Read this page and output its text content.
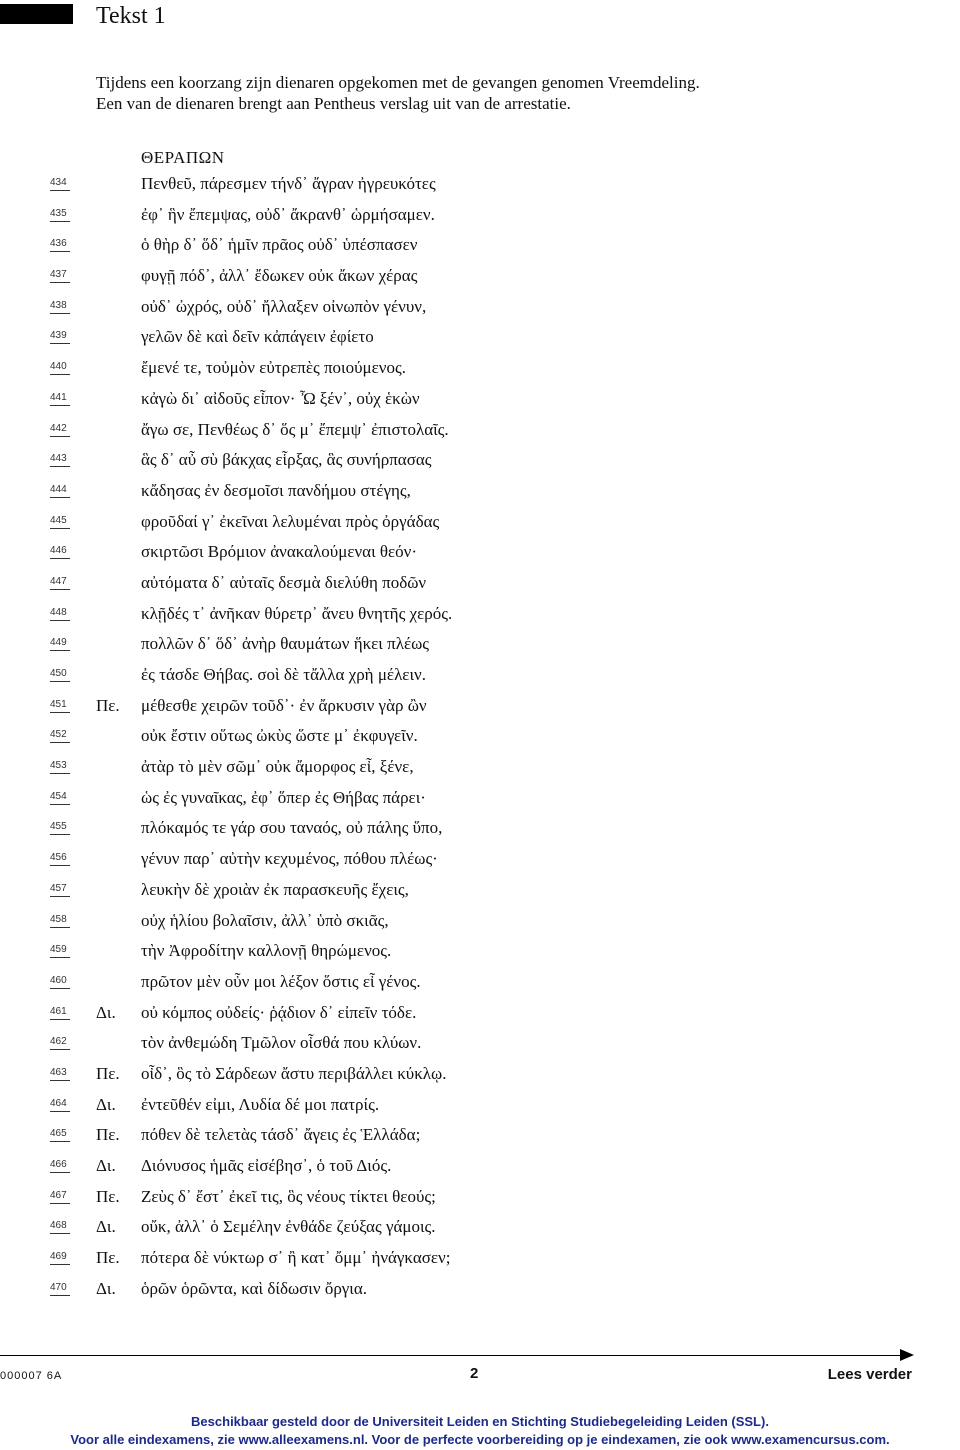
Tekst 1
Tijdens een koorzang zijn dienaren opgekomen met de gevangen genomen Vreemdeling.
Een van de dienaren brengt aan Pentheus verslag uit van de arrestatie.
ΘΕΡΑΠΩΝ
434	Πενθεῦ, πάρεσμεν τήνδ᾽ ἄγραν ἠγρευκότες
435	ἐφ᾽ ἣν ἔπεμψας, οὐδ᾽ ἄκρανθ᾽ ὡρμήσαμεν.
436	ὁ θὴρ δ᾽ ὅδ᾽ ἡμῖν πρᾶος οὐδ᾽ ὑπέσπασεν
437	φυγῇ πόδ᾽, ἀλλ᾽ ἔδωκεν οὐκ ἄκων χέρας
438	οὐδ᾽ ὠχρός, οὐδ᾽ ἤλλαξεν οἰνωπὸν γένυν,
439	γελῶν δὲ καὶ δεῖν κἀπάγειν ἐφίετο
440	ἔμενέ τε, τοὐμὸν εὐτρεπὲς ποιούμενος.
441	κἀγὼ δι᾽ αἰδοῦς εἶπον· Ὦ ξέν᾽, οὐχ ἑκὼν
442	ἄγω σε, Πενθέως δ᾽ ὅς μ᾽ ἔπεμψ᾽ ἐπιστολαῖς.
443	ἃς δ᾽ αὖ σὺ βάκχας εἷρξας, ἃς συνήρπασας
444	κἄδησας ἐν δεσμοῖσι πανδήμου στέγης,
445	φροῦδαί γ᾽ ἐκεῖναι λελυμέναι πρὸς ὀργάδας
446	σκιρτῶσι Βρόμιον ἀνακαλούμεναι θεόν·
447	αὐτόματα δ᾽ αὐταῖς δεσμὰ διελύθη ποδῶν
448	κλῇδές τ᾽ ἀνῆκαν θύρετρ᾽ ἄνευ θνητῆς χερός.
449	πολλῶν δ᾽ ὅδ᾽ ἀνὴρ θαυμάτων ἥκει πλέως
450	ἐς τάσδε Θήβας. σοὶ δὲ τἄλλα χρὴ μέλειν.
451 Πε. μέθεσθε χειρῶν τοῦδ᾽· ἐν ἄρκυσιν γὰρ ὢν
452	οὐκ ἔστιν οὕτως ὠκὺς ὥστε μ᾽ ἐκφυγεῖν.
453	ἀτὰρ τὸ μὲν σῶμ᾽ οὐκ ἄμορφος εἶ, ξένε,
454	ὡς ἐς γυναῖκας, ἐφ᾽ ὅπερ ἐς Θήβας πάρει·
455	πλόκαμός τε γάρ σου ταναός, οὐ πάλης ὕπο,
456	γένυν παρ᾽ αὐτὴν κεχυμένος, πόθου πλέως·
457	λευκὴν δὲ χροιὰν ἐκ παρασκευῆς ἔχεις,
458	οὐχ ἡλίου βολαῖσιν, ἀλλ᾽ ὑπὸ σκιᾶς,
459	τὴν Ἀφροδίτην καλλονῇ θηρώμενος.
460	πρῶτον μὲν οὖν μοι λέξον ὅστις εἶ γένος.
461 Δι. οὐ κόμπος οὐδείς· ῥᾴδιον δ᾽ εἰπεῖν τόδε.
462	τὸν ἀνθεμώδη Τμῶλον οἶσθά που κλύων.
463 Πε. οἶδ᾽, ὃς τὸ Σάρδεων ἄστυ περιβάλλει κύκλῳ.
464 Δι. ἐντεῦθέν εἰμι, Λυδία δέ μοι πατρίς.
465 Πε. πόθεν δὲ τελετὰς τάσδ᾽ ἄγεις ἐς Ἑλλάδα;
466 Δι. Διόνυσος ἡμᾶς εἰσέβησ᾽, ὁ τοῦ Διός.
467 Πε. Ζεὺς δ᾽ ἔστ᾽ ἐκεῖ τις, ὃς νέους τίκτει θεούς;
468 Δι. οὔκ, ἀλλ᾽ ὁ Σεμέλην ἐνθάδε ζεύξας γάμοις.
469 Πε. πότερα δὲ νύκτωρ σ᾽ ἢ κατ᾽ ὄμμ᾽ ἠνάγκασεν;
470 Δι. ὁρῶν ὁρῶντα, καὶ δίδωσιν ὄργια.
000007 6A	2	Lees verder
Beschikbaar gesteld door de Universiteit Leiden en Stichting Studiebegeleiding Leiden (SSL).
Voor alle eindexamens, zie www.alleexamens.nl. Voor de perfecte voorbereiding op je eindexamen, zie ook www.examencursus.com.
